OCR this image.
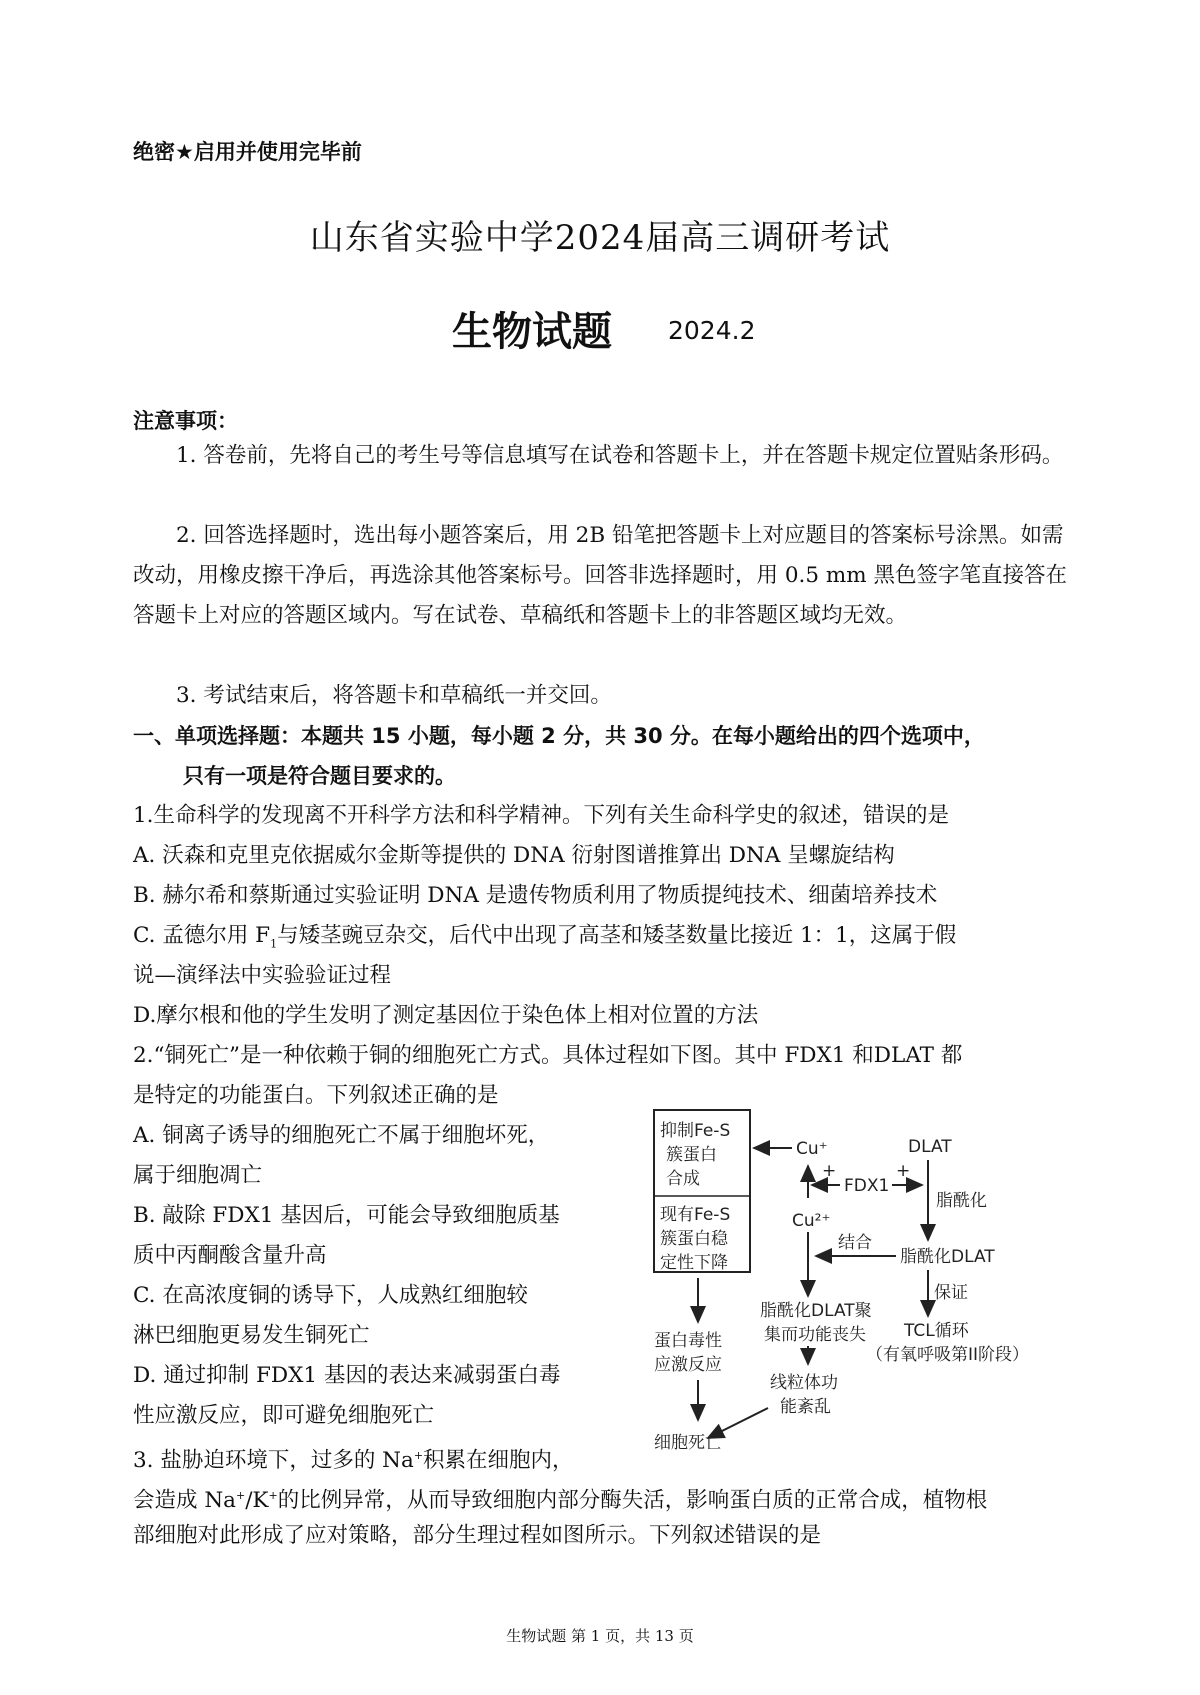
绝密★启用并使用完毕前
山东省实验中学2024届高三调研考试
生物试题 2024.2
注意事项：
1. 答卷前，先将自己的考生号等信息填写在试卷和答题卡上，并在答题卡规定位置贴条形码。
2. 回答选择题时，选出每小题答案后，用 2B 铅笔把答题卡上对应题目的答案标号涂黑。如需改动，用橡皮擦干净后，再选涂其他答案标号。回答非选择题时，用 0.5 mm 黑色签字笔直接答在答题卡上对应的答题区域内。写在试卷、草稿纸和答题卡上的非答题区域均无效。
3. 考试结束后，将答题卡和草稿纸一并交回。
一、单项选择题：本题共 15 小题，每小题 2 分，共 30 分。在每小题给出的四个选项中，
只有一项是符合题目要求的。
1.生命科学的发现离不开科学方法和科学精神。下列有关生命科学史的叙述，错误的是
A. 沃森和克里克依据威尔金斯等提供的 DNA 衍射图谱推算出 DNA 呈螺旋结构
B. 赫尔希和蔡斯通过实验证明 DNA 是遗传物质利用了物质提纯技术、细菌培养技术
C. 孟德尔用 $F_1$与矮茎豌豆杂交，后代中出现了高茎和矮茎数量比接近 1：1，这属于假
说—演绎法中实验验证过程
D.摩尔根和他的学生发明了测定基因位于染色体上相对位置的方法
2.“铜死亡”是一种依赖于铜的细胞死亡方式。具体过程如下图。其中 FDX1 和DLAT 都
是特定的功能蛋白。下列叙述正确的是
A. 铜离子诱导的细胞死亡不属于细胞坏死，
属于细胞凋亡
B. 敲除 FDX1 基因后，可能会导致细胞质基
质中丙酮酸含量升高
C. 在高浓度铜的诱导下，人成熟红细胞较
淋巴细胞更易发生铜死亡
D. 通过抑制 FDX1 基因的表达来减弱蛋白毒
性应激反应，即可避免细胞死亡
抑制Fe-S
簇蛋白
合成
现有Fe-S
簇蛋白稳
定性下降
Cu⁺
Cu²⁺
+
FDX1
+
DLAT
脂酰化
脂酰化DLAT
结合
脂酰化DLAT聚
集而功能丧失
保证
TCL循环
（有氧呼吸第II阶段）
线粒体功
能紊乱
蛋白毒性
应激反应
细胞死亡
3. 盐胁迫环境下，过多的 Na+积累在细胞内，
会造成 Na+/K+的比例异常，从而导致细胞内部分酶失活，影响蛋白质的正常合成，植物根
部细胞对此形成了应对策略，部分生理过程如图所示。下列叙述错误的是
生物试题 第 1 页，共 13 页
